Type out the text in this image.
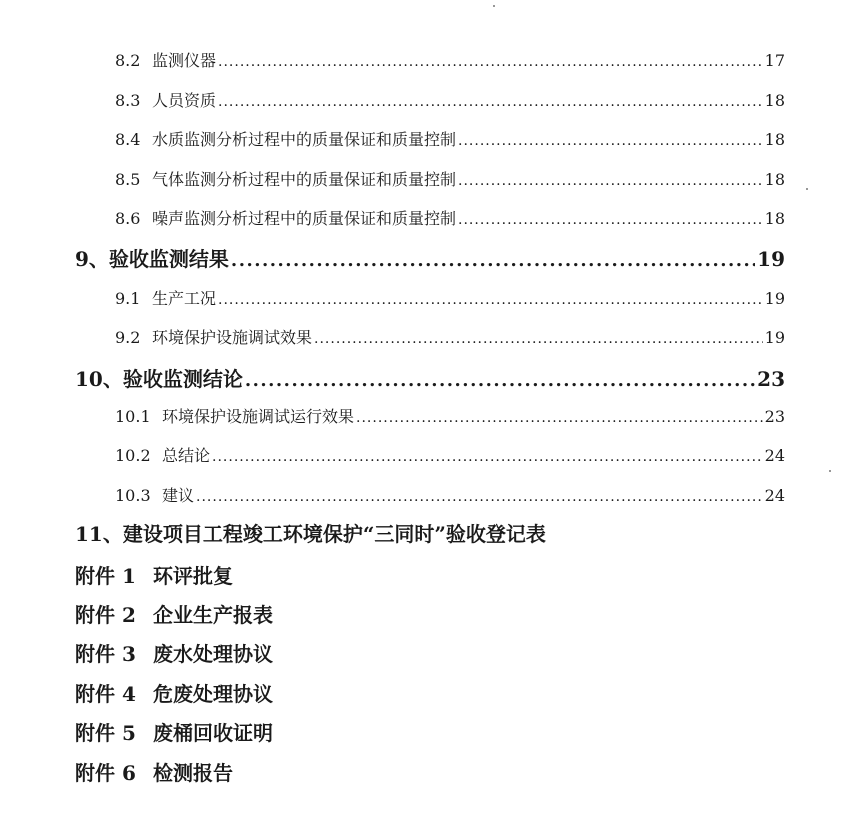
8.2 监测仪器 .....	17
8.3 人员资质 .....	18
8.4 水质监测分析过程中的质量保证和质量控制 .....	18
8.5 气体监测分析过程中的质量保证和质量控制 .....	18
8.6 噪声监测分析过程中的质量保证和质量控制 .....	18
9、 验收监测结果 .....	19
9.1 生产工况 .....	19
9.2 环境保护设施调试效果 .....	19
10、 验收监测结论 .....	23
10.1 环境保护设施调试运行效果 .....	23
10.2 总结论 .....	24
10.3 建议 .....	24
11、建设项目工程竣工环境保护“三同时”验收登记表
附件 1 环评批复
附件 2 企业生产报表
附件 3 废水处理协议
附件 4 危废处理协议
附件 5 废桶回收证明
附件 6 检测报告
